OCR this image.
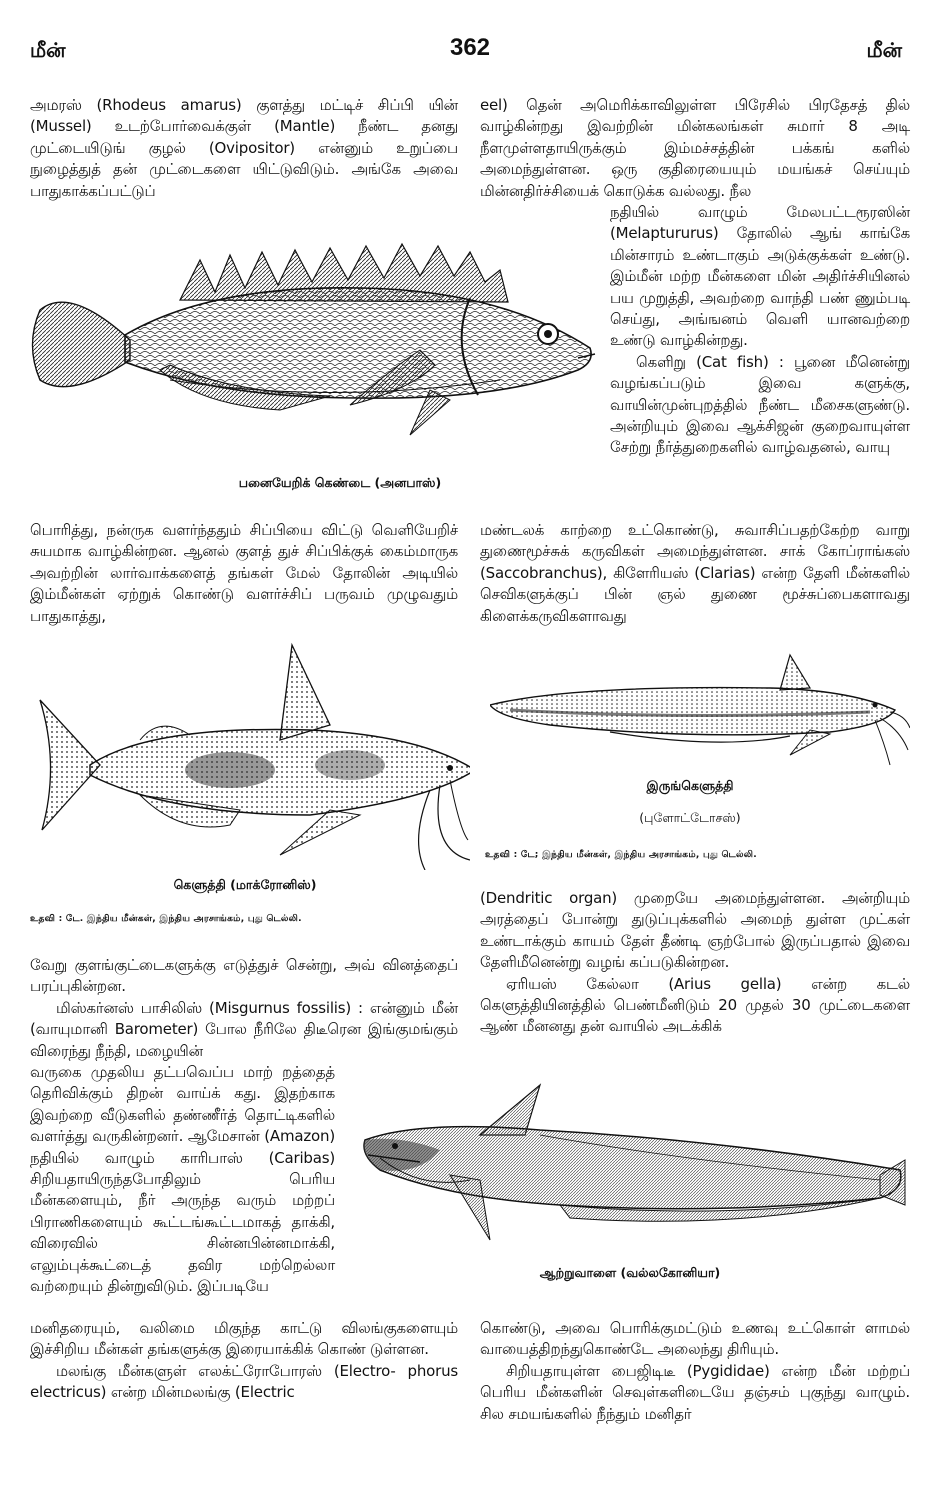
மீன்	362	மீன்

அமரஸ் (Rhodeus amarus) குளத்து மட்டிச் சிப்பி யின் (Mussel) உடற்போர்வைக்குள் (Mantle) நீண்ட தனது முட்டையிடுங் குழல் (Ovipositor) என்னும் உறுப்பை நுழைத்துத் தன் முட்டைகளை யிட்டுவிடும். அங்கே அவை பாதுகாக்கப்பட்டுப்

பனையேறிக் கெண்டை (அனபாஸ்)

பொரித்து, நன்ருக வளர்ந்ததும் சிப்பியை விட்டு வெளியேறிச் சுயமாக வாழ்கின்றன. ஆனல் குளத் துச் சிப்பிக்குக் கைம்மாருக அவற்றின் லார்வாக்களைத் தங்கள் மேல் தோலின் அடியில் இம்மீன்கள் ஏற்றுக் கொண்டு வளர்ச்சிப் பருவம் முழுவதும் பாதுகாத்து,

கெளுத்தி (மாக்ரோனிஸ்)
உதவி : டே. இந்திய மீன்கள், இந்திய அரசாங்கம், புது டெல்லி.

வேறு குளங்குட்டைகளுக்கு எடுத்துச் சென்று, அவ் வினத்தைப் பரப்புகின்றன.

மிஸ்கர்னஸ் பாசிலிஸ் (Misgurnus fossilis) : என்னும் மீன் (வாயுமானி Barometer) போல நீரிலே திடீரென இங்குமங்கும் விரைந்து நீந்தி, மழையின்

வருகை முதலிய தட்பவெப்ப மாற் றத்தைத் தெரிவிக்கும் திறன் வாய்க் கது. இதற்காக இவற்றை வீடுகளில் தண்ணீர்த் தொட்டிகளில் வளர்த்து வருகின்றனர். ஆமேசான் (Amazon) நதியில் வாழும் காரிபாஸ் (Caribas) சிறியதாயிருந்தபோதிலும் பெரிய மீன்களையும், நீர் அருந்த வரும் மற்றப் பிராணிகளையும் கூட்டங்கூட்டமாகத் தாக்கி, விரைவில் சின்னபின்னமாக்கி, எலும்புக்கூட்டைத் தவிர மற்றெல்லா வற்றையும் தின்றுவிடும். இப்படியே

ஆற்றுவாளை (வல்லகோனியா)

மனிதரையும், வலிமை மிகுந்த காட்டு விலங்குகளையும் இச்சிறிய மீன்கள் தங்களுக்கு இரையாக்கிக் கொண் டுள்ளன.

மலங்கு மீன்களுள் எலக்ட்ரோபோரஸ் (Electro- phorus electricus) என்ற மின்மலங்கு (Electric

eel) தென் அமெரிக்காவிலுள்ள பிரேசில் பிரதேசத் தில் வாழ்கின்றது இவற்றின் மின்கலங்கள் சுமார் 8 அடி நீளமுள்ளதாயிருக்கும் இம்மச்சத்தின் பக்கங் களில் அமைந்துள்ளன. ஒரு குதிரையையும் மயங்கச் செய்யும் மின்னதிர்ச்சியைக் கொடுக்க வல்லது. நீல

நதியில் வாழும் மேலபட்டரூரஸின் (Melaptururus) தோலில் ஆங் காங்கே மின்சாரம் உண்டாகும் அடுக்குக்கள் உண்டு. இம்மீன் மற்ற மீன்களை மின் அதிர்ச்சியினல் பய முறுத்தி, அவற்றை வாந்தி பண் ணும்படி செய்து, அங்ஙனம் வெளி யானவற்றை உண்டு வாழ்கின்றது.

கெளிறு (Cat fish) : பூனை மீனென்று வழங்கப்படும் இவை களுக்கு, வாயின்முன்புறத்தில் நீண்ட மீசைகளுண்டு. அன்றியும் இவை ஆக்சிஜன் குறைவாயுள்ள சேற்று நீர்த்துறைகளில் வாழ்வதனல், வாயு

மண்டலக் காற்றை உட்கொண்டு, சுவாசிப்பதற்கேற்ற வாறு துணைமூச்சுக் கருவிகள் அமைந்துள்ளன. சாக் கோப்ராங்கஸ் (Saccobranchus), கிளேரியஸ் (Clarias) என்ற தேளி மீன்களில் செவிகளுக்குப் பின் ஞல் துணை மூச்சுப்பைகளாவது கிளைக்கருவிகளாவது

இருங்கெளுத்தி
(புளோட்டோசஸ்)
உதவி : டே; இந்திய மீன்கள், இந்திய அரசாங்கம், புது டெல்லி.

(Dendritic organ) முறையே அமைந்துள்ளன. அன்றியும் அரத்தைப் போன்று துடுப்புக்களில் அமைந் துள்ள முட்கள் உண்டாக்கும் காயம் தேள் தீண்டி ஞற்போல் இருப்பதால் இவை தேளிமீனென்று வழங் கப்படுகின்றன.

ஏரியஸ் கேல்லா (Arius gella) என்ற கடல் கெளுத்தியினத்தில் பெண்மீனிடும் 20 முதல் 30 முட்டைகளை ஆண் மீனனது தன் வாயில் அடக்கிக்

கொண்டு, அவை பொரிக்குமட்டும் உணவு உட்கொள் ளாமல் வாயைத்திறந்துகொண்டே அலைந்து திரியும்.

சிறியதாயுள்ள பைஜிடிடீ (Pygididae) என்ற மீன் மற்றப் பெரிய மீன்களின் செவுள்களிடையே தஞ்சம் புகுந்து வாழும். சில சமயங்களில் நீந்தும் மனிதர்
